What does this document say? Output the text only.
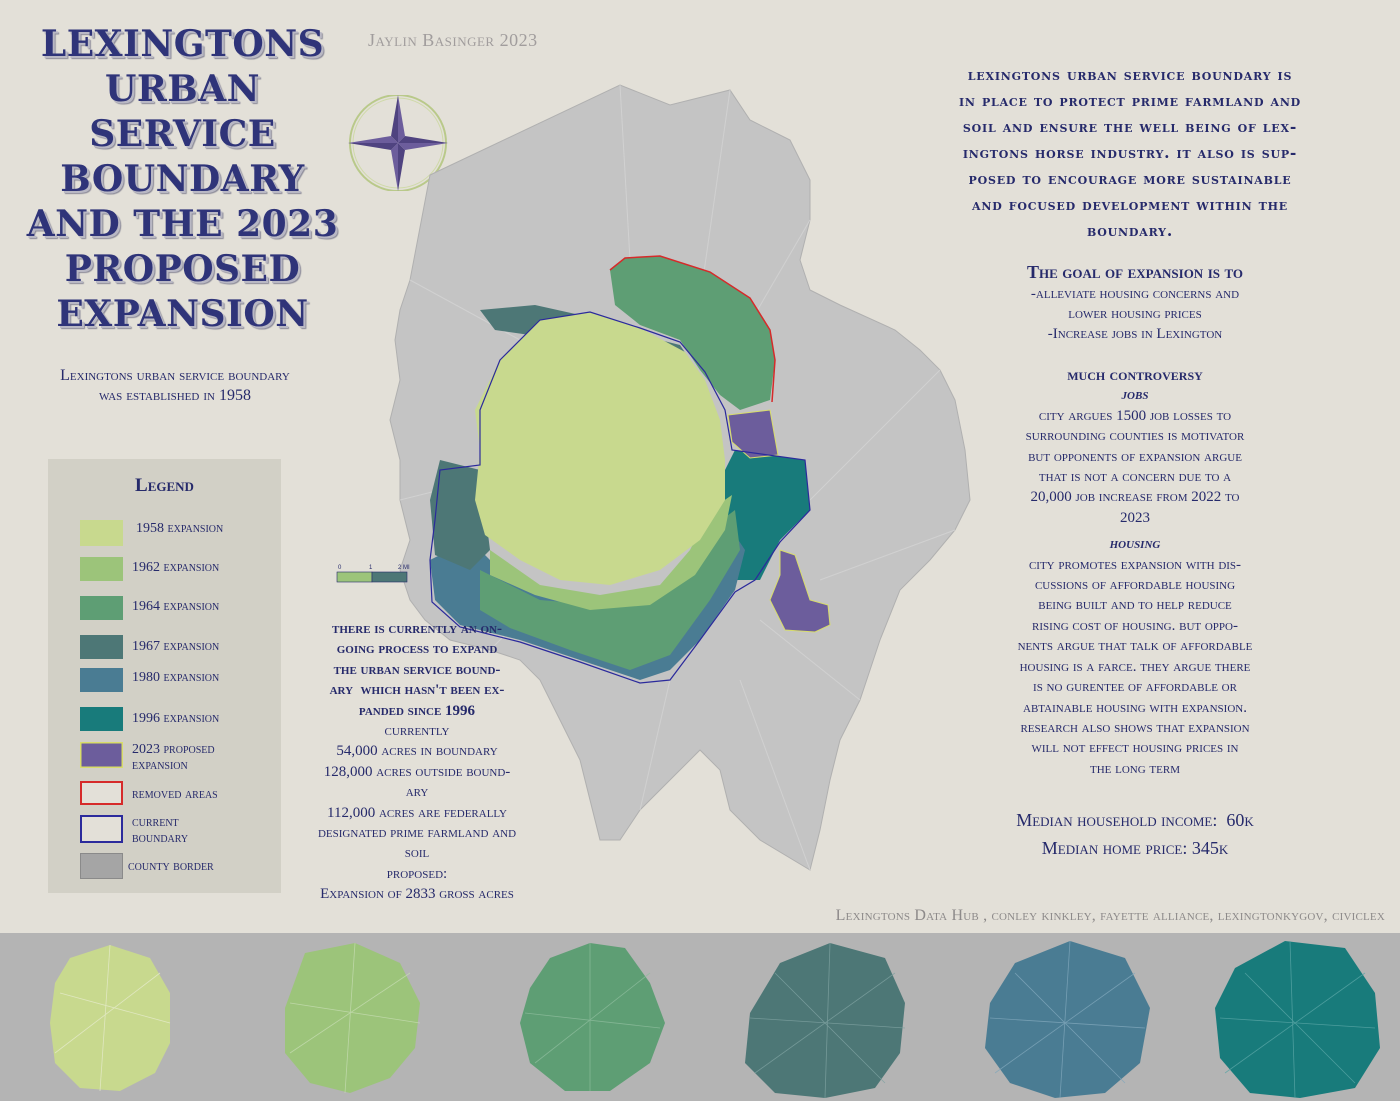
LEXINGTONS
URBAN
SERVICE
BOUNDARY
AND THE 2023
PROPOSED
EXPANSION
Jaylin Basinger 2023
Lexingtons urban service boundary
was established in 1958
0	1	2 MI
Legend
1958 expansion
1962 expansion
1964 expansion
1967 expansion
1980 expansion
1996 expansion
2023 proposed expansion
removed areas
current boundary
county border
lexingtons urban service boundary is
in place to protect prime farmland and
soil and ensure the well being of lex-
ingtons horse industry. it also is sup-
posed to encourage more sustainable
and focused development within the
boundary.
The goal of expansion is to
-alleviate housing concerns and
lower housing prices
-Increase jobs in Lexington
much controversy
jobs
city argues 1500 job losses to
surrounding counties is motivator
but opponents of expansion argue
that is not a concern due to a
20,000 job increase from 2022 to
2023
housing
city promotes expansion with dis-
cussions of affordable housing
being built and to help reduce
rising cost of housing. but oppo-
nents argue that talk of affordable
housing is a farce. they argue there
is no gurentee of affordable or
abtainable housing with expansion.
research also shows that expansion
will not effect housing prices in
the long term
Median household income:  60k
Median home price: 345k
there is currently an on-
going process to expand
the urban service bound-
ary  which hasn't been ex-
panded since 1996
currently
54,000 acres in boundary
128,000 acres outside bound-
ary
112,000 acres are federally
designated prime farmland and
soil
proposed:
Expansion of 2833 gross acres
Lexingtons Data Hub , conley kinkley, fayette alliance, lexingtonkygov, civiclex
